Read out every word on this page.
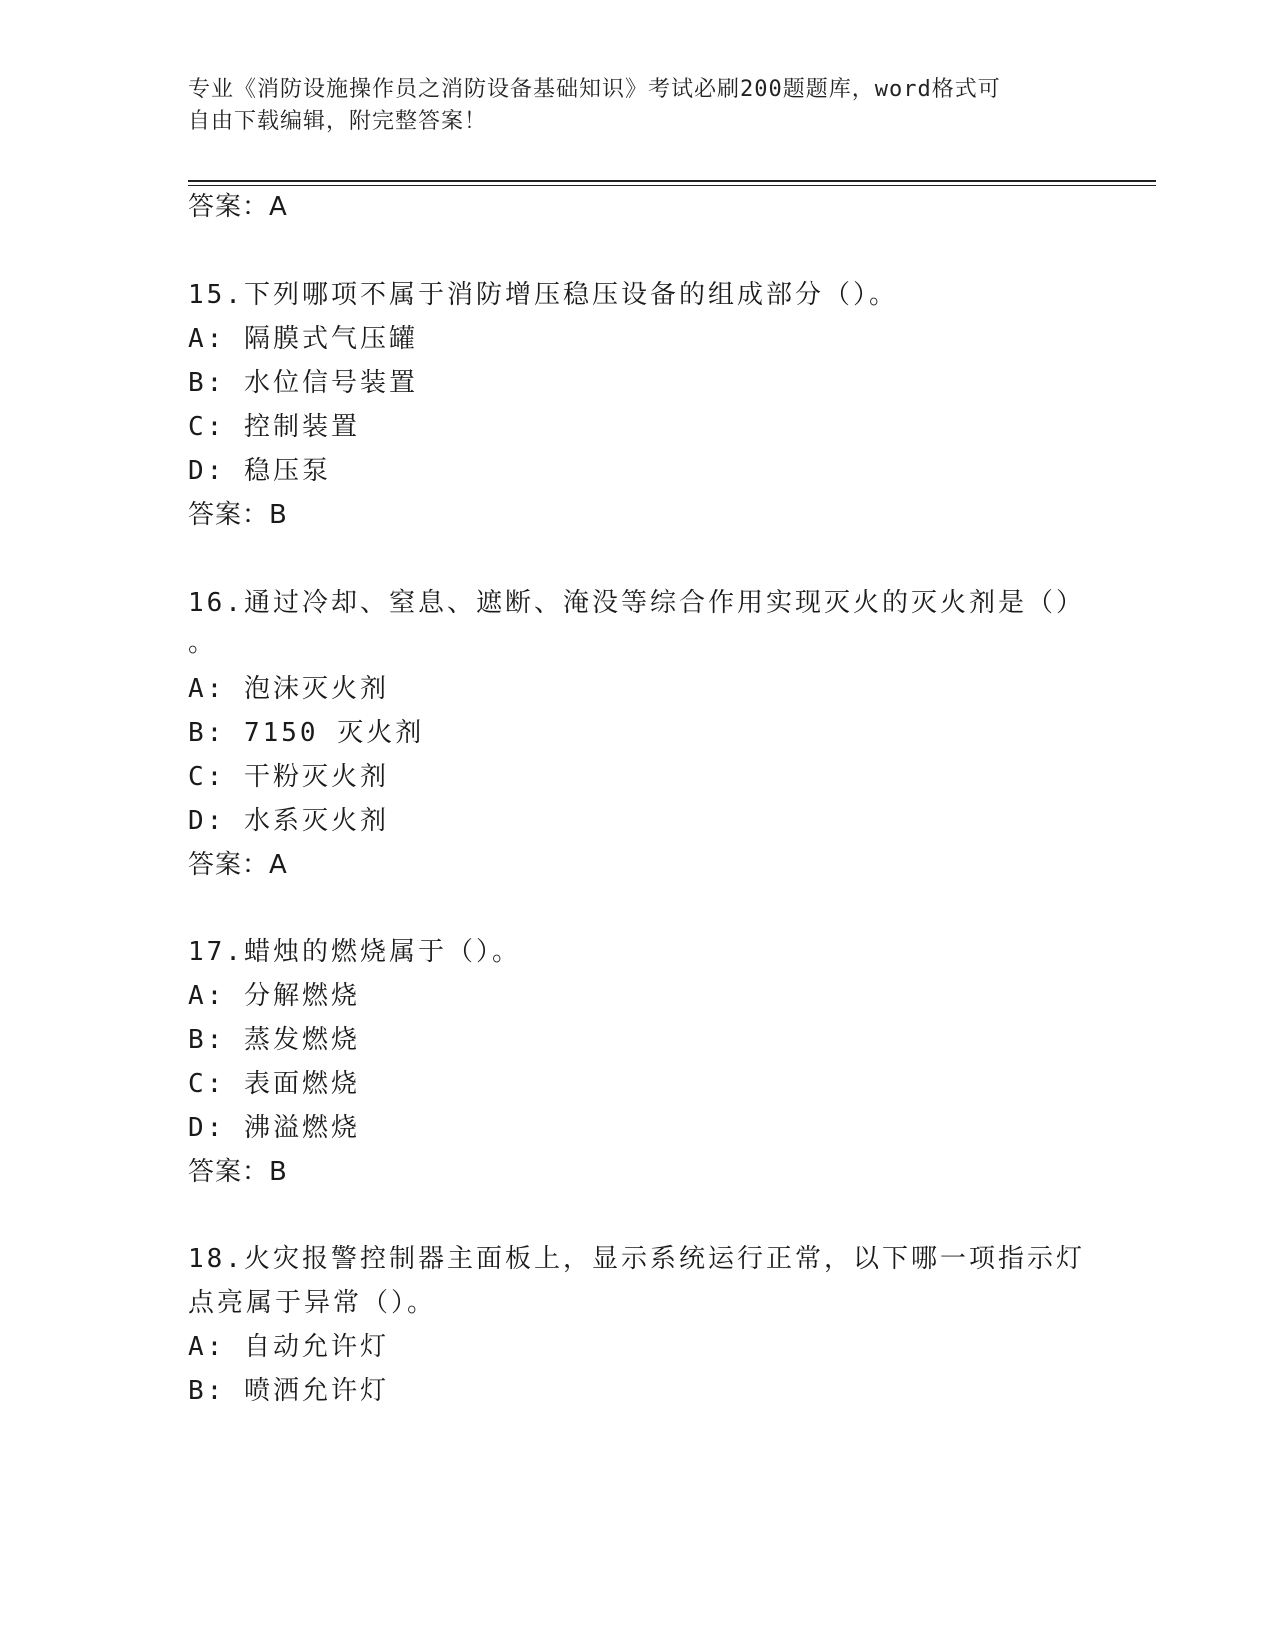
专业《消防设施操作员之消防设备基础知识》考试必刷200题题库，word格式可
自由下载编辑，附完整答案！
答案：A
15.下列哪项不属于消防增压稳压设备的组成部分（）。
A: 隔膜式气压罐
B: 水位信号装置
C: 控制装置
D: 稳压泵
答案：B
16.通过冷却、窒息、遮断、淹没等综合作用实现灭火的灭火剂是（）
。
A: 泡沫灭火剂
B: 7150 灭火剂
C: 干粉灭火剂
D: 水系灭火剂
答案：A
17.蜡烛的燃烧属于（）。
A: 分解燃烧
B: 蒸发燃烧
C: 表面燃烧
D: 沸溢燃烧
答案：B
18.火灾报警控制器主面板上，显示系统运行正常，以下哪一项指示灯
点亮属于异常（）。
A: 自动允许灯
B: 喷洒允许灯
